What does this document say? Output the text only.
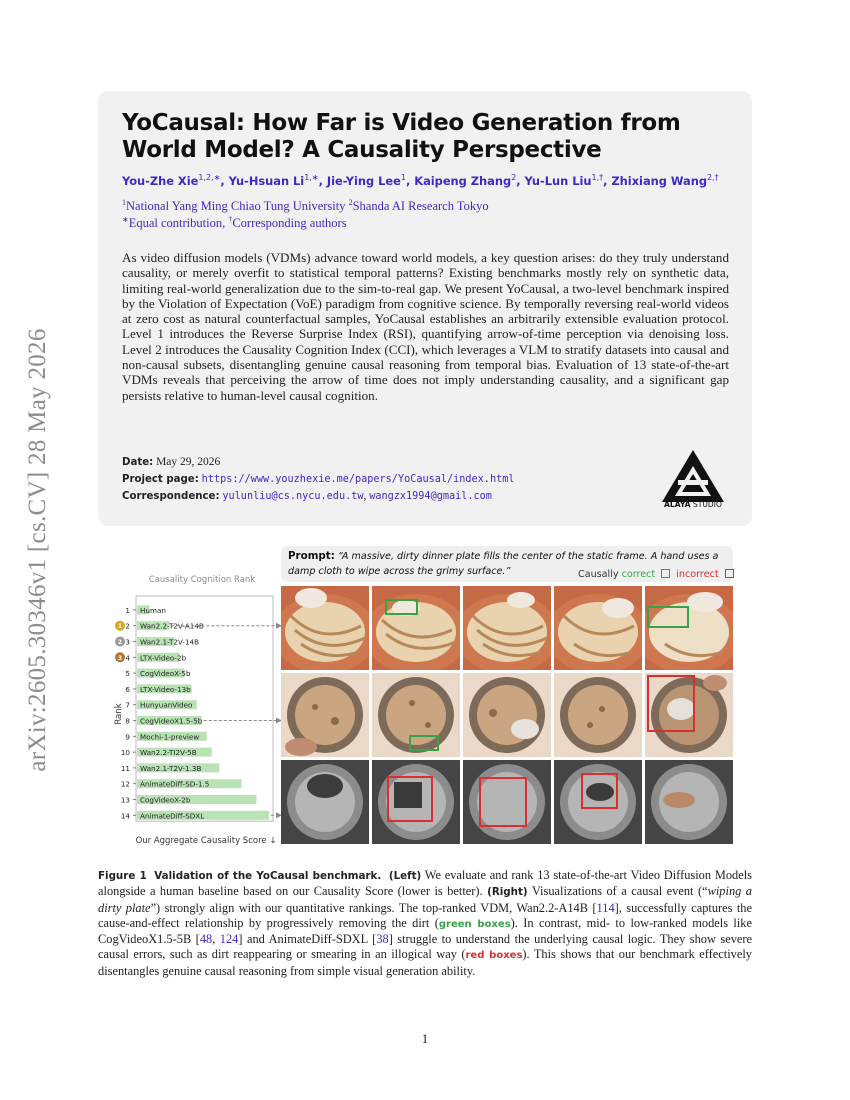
arXiv:2605.30346v1 [cs.CV] 28 May 2026
YoCausal: How Far is Video Generation from World Model? A Causality Perspective
You-Zhe Xie$^{1,2,∗}$, Yu-Hsuan $Li^{1,∗}$, Jie-Ying Lee$^1$, Kaipeng Zhang$^2$, Yu-Lun Liu$^{1,\dagger}$, Zhixiang Wang$^{2,\dagger}$
$^1$National Yang Ming Chiao Tung University $^2$Shanda AI Research Tokyo
∗Equal contribution, †Corresponding authors

As video diffusion models (VDMs) advance toward world models, a key question arises: do they truly understand causality, or merely overfit to statistical temporal patterns? Existing benchmarks mostly rely on synthetic data, limiting real-world generalization due to the sim-to-real gap. We present YoCausal, a two-level benchmark inspired by the Violation of Expectation (VoE) paradigm from cognitive science. By temporally reversing real-world videos at zero cost as natural counterfactual samples, YoCausal establishes an arbitrarily extensible evaluation protocol. Level 1 introduces the Reverse Surprise Index (RSI), quantifying arrow-of-time perception via denoising loss. Level 2 introduces the Causality Cognition Index (CCI), which leverages a VLM to stratify datasets into causal and non-causal subsets, disentangling genuine causal reasoning from temporal bias. Evaluation of 13 state-of-the-art VDMs reveals that perceiving the arrow of time does not imply understanding causality, and a significant gap persists relative to human-level causal cognition.

Date: May 29, 2026
Project page: https://www.youzhexie.me/papers/YoCausal/index.html
Correspondence: yulunliu@cs.nycu.edu.tw, wangzx1994@gmail.com
ALAYA STUDIO
Causality Cognition Rank
Human
1
Wan2.2-T2V-A14B
2
1
Wan2.1-T2V-14B
3
2
LTX-Video-2b
4
3
CogVideoX-5b
5
LTX-Video-13b
6
HunyuanVideo
7
CogVideoX1.5-5b
8
Mochi-1-preview
9
Wan2.2-TI2V-5B
10
Wan2.1-T2V-1.3B
11
AnimateDiff-SD-1.5
12
CogVideoX-2b
13
AnimateDiff-SDXL
14
Rank
Our Aggregate Causality Score ↓
Prompt: “A massive, dirty dinner plate fills the center of the static frame. A hand uses a damp cloth to wipe across the grimy surface.”	Causally correct incorrect

Figure 1 Validation of the YoCausal benchmark. (Left) We evaluate and rank 13 state-of-the-art Video Diffusion Models alongside a human baseline based on our Causality Score (lower is better). (Right) Visualizations of a causal event (“wiping a dirty plate”) strongly align with our quantitative rankings. The top-ranked VDM, Wan2.2-A14B [114], successfully captures the cause-and-effect relationship by progressively removing the dirt (green boxes). In contrast, mid- to low-ranked models like CogVideoX1.5-5B [48, 124] and AnimateDiff-SDXL [38] struggle to understand the underlying causal logic. They show severe causal errors, such as dirt reappearing or smearing in an illogical way (red boxes). This shows that our benchmark effectively disentangles genuine causal reasoning from simple visual generation ability.

1
